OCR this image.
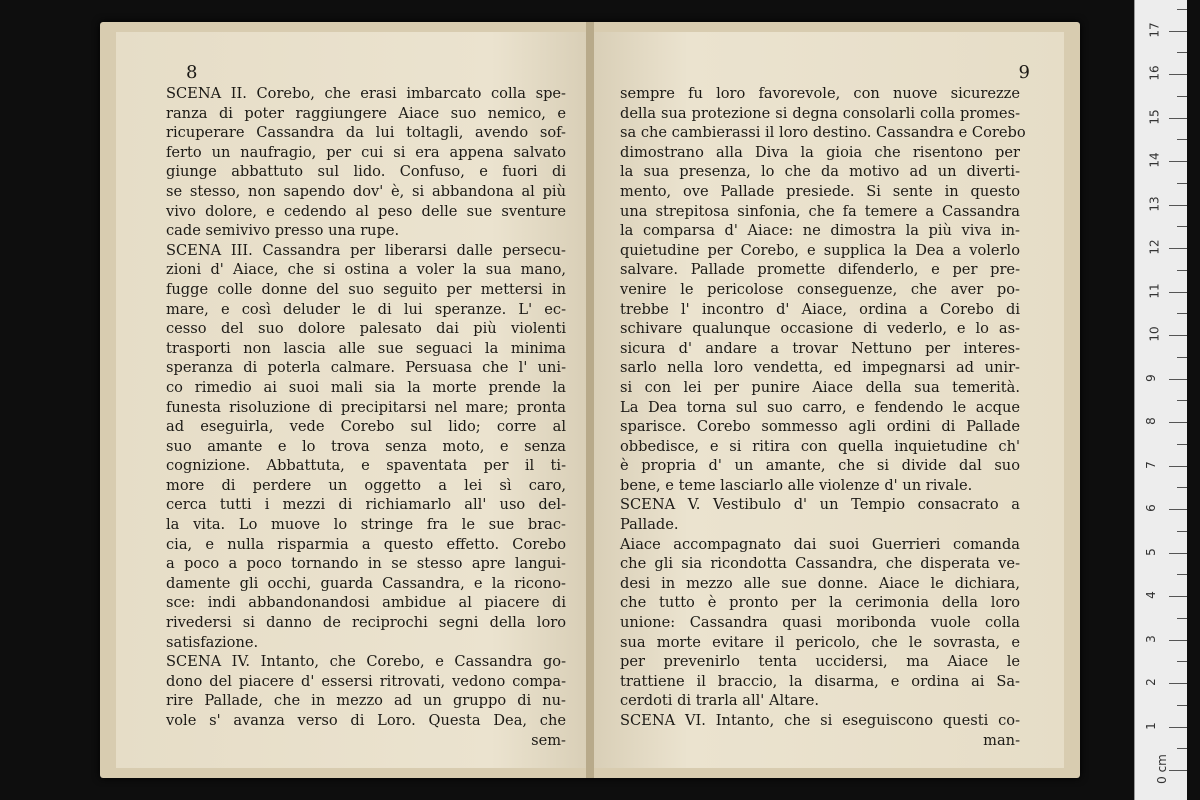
8
SCENA II. Corebo, che erasi imbarcato colla spe-
ranza di poter raggiungere Aiace suo nemico, e
ricuperare Cassandra da lui toltagli, avendo sof-
ferto un naufragio, per cui si era appena salvato
giunge abbattuto sul lido. Confuso, e fuori di
se stesso, non sapendo dov' è, si abbandona al più
vivo dolore, e cedendo al peso delle sue sventure
cade semivivo presso una rupe.
SCENA III. Cassandra per liberarsi dalle persecu-
zioni d' Aiace, che si ostina a voler la sua mano,
fugge colle donne del suo seguito per mettersi in
mare, e così deluder le di lui speranze. L' ec-
cesso del suo dolore palesato dai più violenti
trasporti non lascia alle sue seguaci la minima
speranza di poterla calmare. Persuasa che l' uni-
co rimedio ai suoi mali sia la morte prende la
funesta risoluzione di precipitarsi nel mare; pronta
ad eseguirla, vede Corebo sul lido; corre al
suo amante e lo trova senza moto, e senza
cognizione. Abbattuta, e spaventata per il ti-
more di perdere un oggetto a lei sì caro,
cerca tutti i mezzi di richiamarlo all' uso del-
la vita. Lo muove lo stringe fra le sue brac-
cia, e nulla risparmia a questo effetto. Corebo
a poco a poco tornando in se stesso apre langui-
damente gli occhi, guarda Cassandra, e la ricono-
sce: indi abbandonandosi ambidue al piacere di
rivedersi si danno de reciprochi segni della loro
satisfazione.
SCENA IV. Intanto, che Corebo, e Cassandra go-
dono del piacere d' essersi ritrovati, vedono compa-
rire Pallade, che in mezzo ad un gruppo di nu-
vole s' avanza verso di Loro. Questa Dea, che
sem-
9
sempre fu loro favorevole, con nuove sicurezze
della sua protezione si degna consolarli colla promes-
sa che cambierassi il loro destino. Cassandra e Corebo
dimostrano alla Diva la gioia che risentono per
la sua presenza, lo che da motivo ad un diverti-
mento, ove Pallade presiede. Si sente in questo
una strepitosa sinfonia, che fa temere a Cassandra
la comparsa d' Aiace: ne dimostra la più viva in-
quietudine per Corebo, e supplica la Dea a volerlo
salvare. Pallade promette difenderlo, e per pre-
venire le pericolose conseguenze, che aver po-
trebbe l' incontro d' Aiace, ordina a Corebo di
schivare qualunque occasione di vederlo, e lo as-
sicura d' andare a trovar Nettuno per interes-
sarlo nella loro vendetta, ed impegnarsi ad unir-
si con lei per punire Aiace della sua temerità.
La Dea torna sul suo carro, e fendendo le acque
sparisce. Corebo sommesso agli ordini di Pallade
obbedisce, e si ritira con quella inquietudine ch'
è propria d' un amante, che si divide dal suo
bene, e teme lasciarlo alle violenze d' un rivale.
SCENA V. Vestibulo d' un Tempio consacrato a
Pallade.
Aiace accompagnato dai suoi Guerrieri comanda
che gli sia ricondotta Cassandra, che disperata ve-
desi in mezzo alle sue donne. Aiace le dichiara,
che tutto è pronto per la cerimonia della loro
unione: Cassandra quasi moribonda vuole colla
sua morte evitare il pericolo, che le sovrasta, e
per prevenirlo tenta uccidersi, ma Aiace le
trattiene il braccio, la disarma, e ordina ai Sa-
cerdoti di trarla all' Altare.
SCENA VI. Intanto, che si eseguiscono questi co-
man-
0 cm
1
2
3
4
5
6
7
8
9
10
11
12
13
14
15
16
17
